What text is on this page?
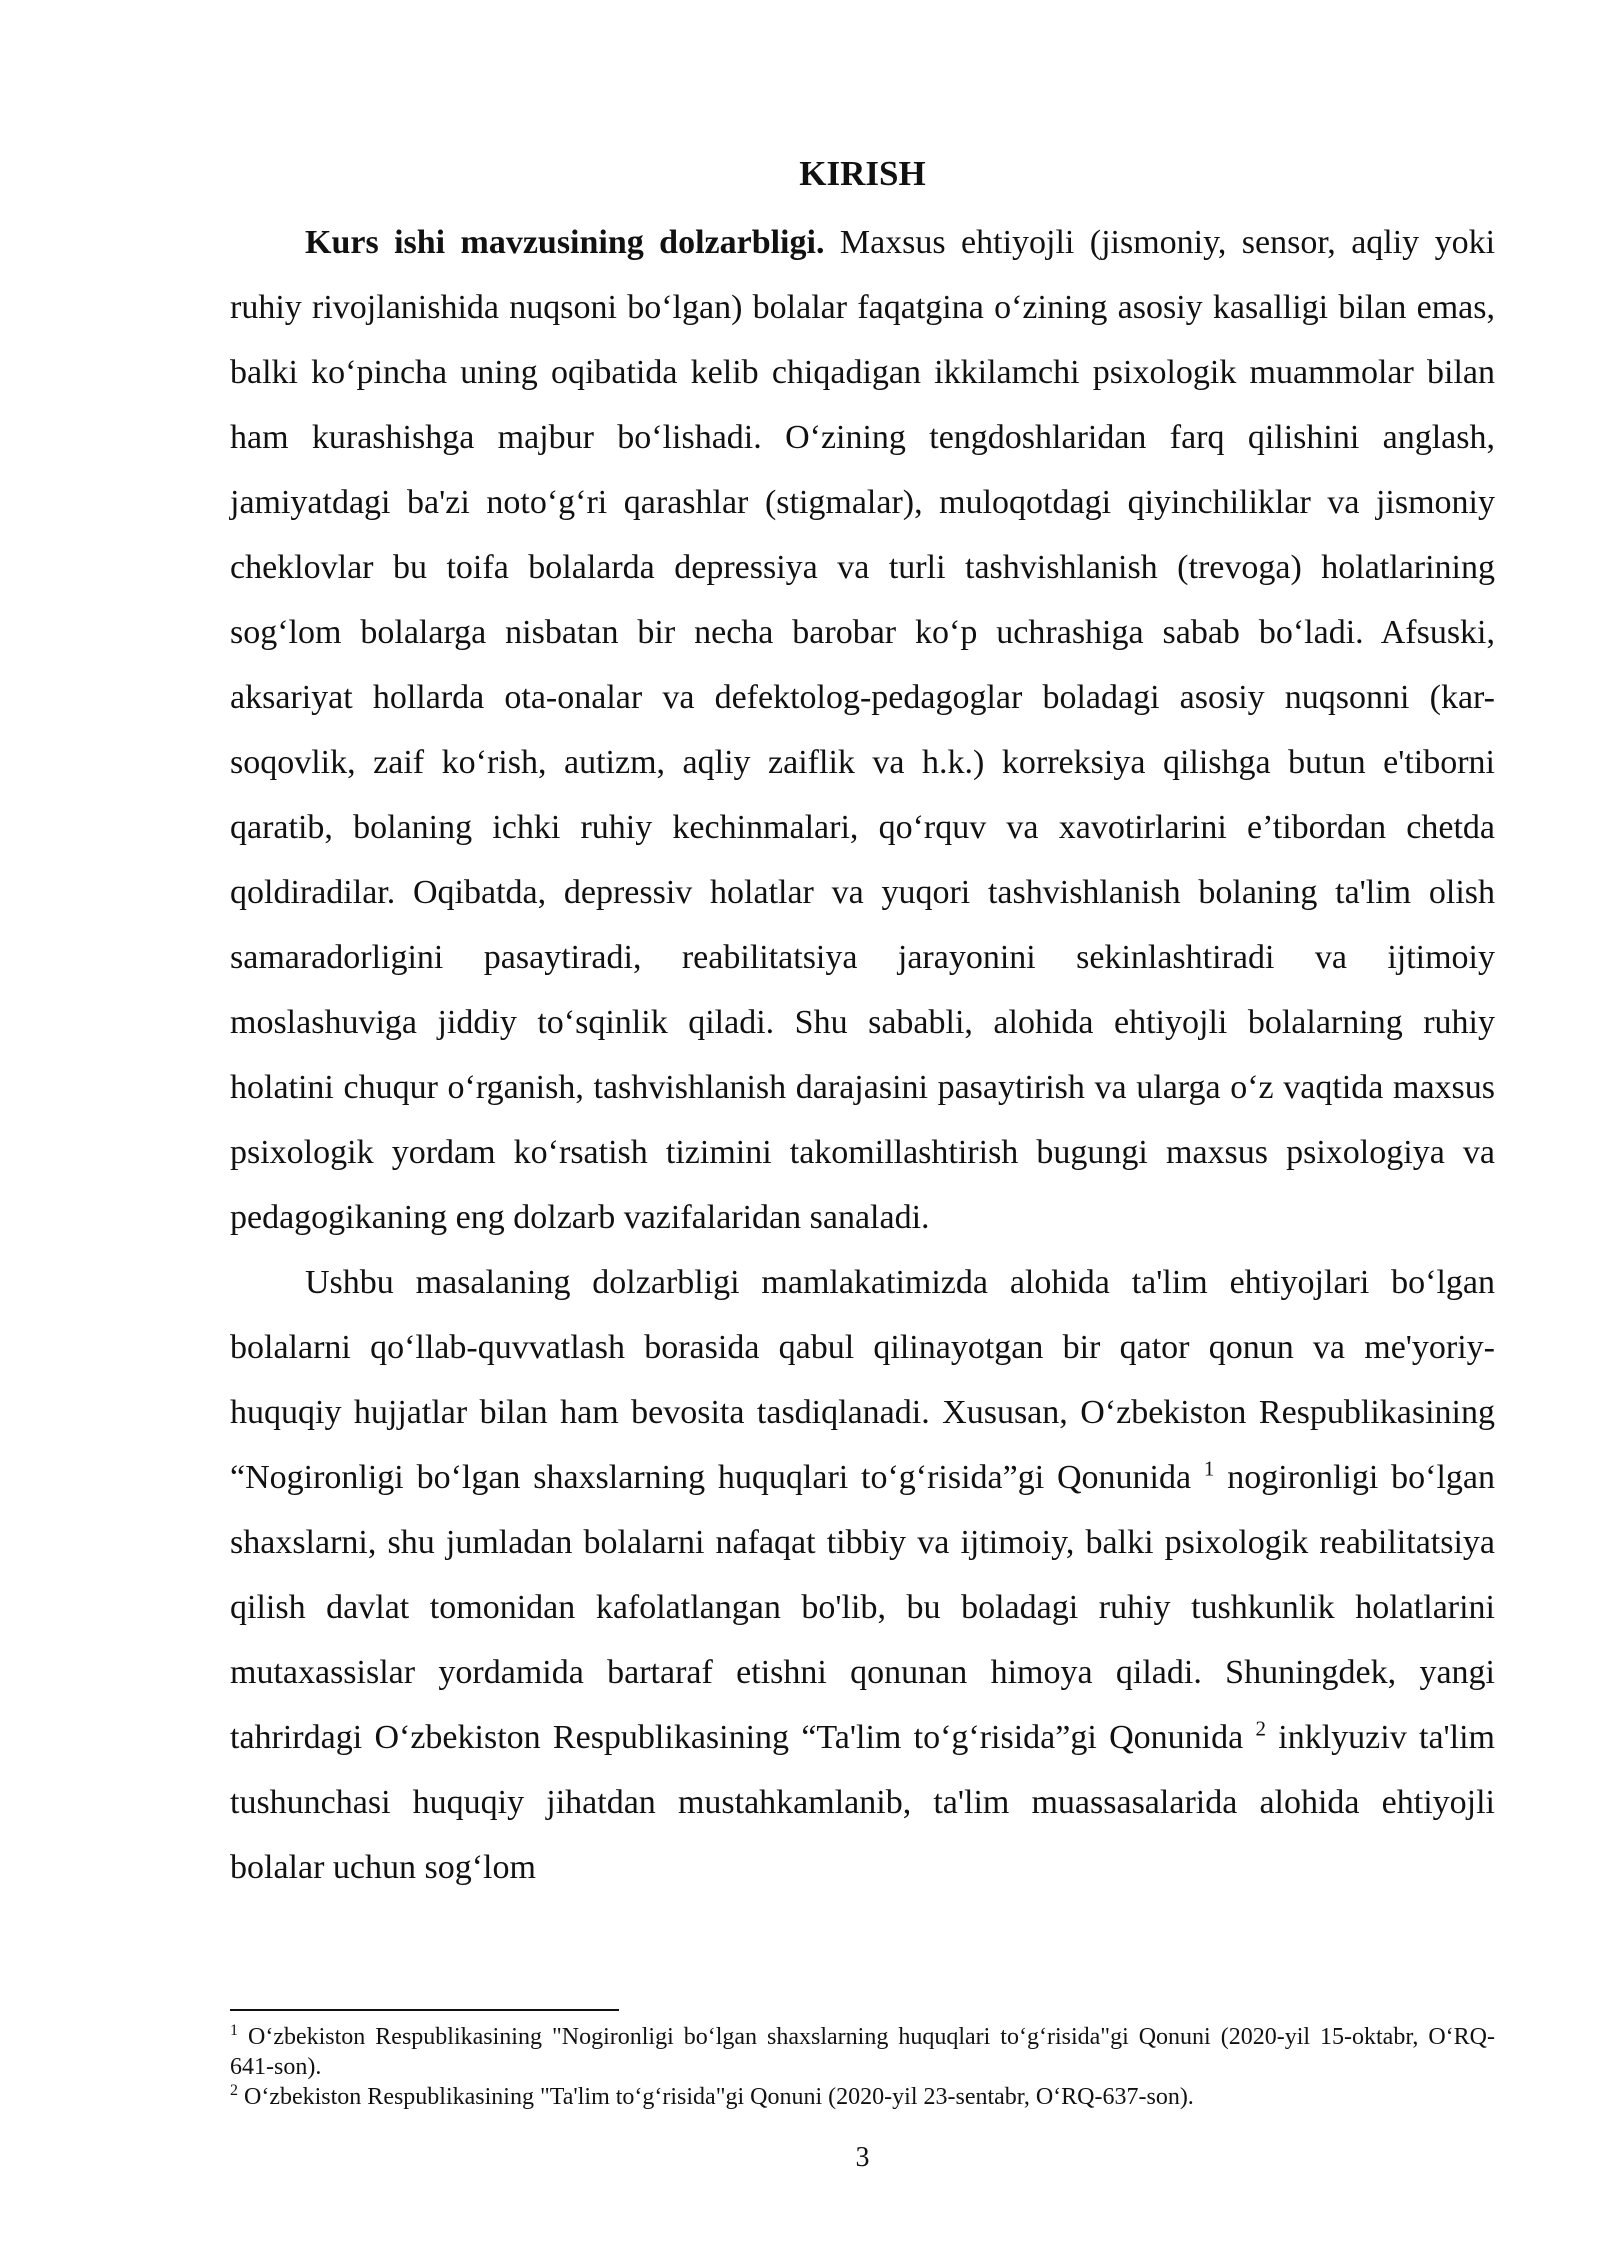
KIRISH

Kurs ishi mavzusining dolzarbligi. Maxsus ehtiyojli (jismoniy, sensor, aqliy yoki ruhiy rivojlanishida nuqsoni bo‘lgan) bolalar faqatgina o‘zining asosiy kasalligi bilan emas, balki ko‘pincha uning oqibatida kelib chiqadigan ikkilamchi psixologik muammolar bilan ham kurashishga majbur bo‘lishadi. O‘zining tengdoshlaridan farq qilishini anglash, jamiyatdagi ba'zi noto‘g‘ri qarashlar (stigmalar), muloqotdagi qiyinchiliklar va jismoniy cheklovlar bu toifa bolalarda depressiya va turli tashvishlanish (trevoga) holatlarining sog‘lom bolalarga nisbatan bir necha barobar ko‘p uchrashiga sabab bo‘ladi. Afsuski, aksariyat hollarda ota-onalar va defektolog-pedagoglar boladagi asosiy nuqsonni (kar-soqovlik, zaif ko‘rish, autizm, aqliy zaiflik va h.k.) korreksiya qilishga butun e'tiborni qaratib, bolaning ichki ruhiy kechinmalari, qo‘rquv va xavotirlarini e’tibordan chetda qoldiradilar. Oqibatda, depressiv holatlar va yuqori tashvishlanish bolaning ta'lim olish samaradorligini pasaytiradi, reabilitatsiya jarayonini sekinlashtiradi va ijtimoiy moslashuviga jiddiy to‘sqinlik qiladi. Shu sababli, alohida ehtiyojli bolalarning ruhiy holatini chuqur o‘rganish, tashvishlanish darajasini pasaytirish va ularga o‘z vaqtida maxsus psixologik yordam ko‘rsatish tizimini takomillashtirish bugungi maxsus psixologiya va pedagogikaning eng dolzarb vazifalaridan sanaladi.

Ushbu masalaning dolzarbligi mamlakatimizda alohida ta'lim ehtiyojlari bo‘lgan bolalarni qo‘llab-quvvatlash borasida qabul qilinayotgan bir qator qonun va me'yoriy-huquqiy hujjatlar bilan ham bevosita tasdiqlanadi. Xususan, O‘zbekiston Respublikasining “Nogironligi bo‘lgan shaxslarning huquqlari to‘g‘risida”gi Qonunida $^1$ nogironligi bo‘lgan shaxslarni, shu jumladan bolalarni nafaqat tibbiy va ijtimoiy, balki psixologik reabilitatsiya qilish davlat tomonidan kafolatlangan bo'lib, bu boladagi ruhiy tushkunlik holatlarini mutaxassislar yordamida bartaraf etishni qonunan himoya qiladi. Shuningdek, yangi tahrirdagi O‘zbekiston Respublikasining “Ta'lim to‘g‘risida”gi Qonunida $^2$ inklyuziv ta'lim tushunchasi huquqiy jihatdan mustahkamlanib, ta'lim muassasalarida alohida ehtiyojli bolalar uchun sog‘lom

$^1$ O‘zbekiston Respublikasining "Nogironligi bo‘lgan shaxslarning huquqlari to‘g‘risida"gi Qonuni (2020-yil 15-oktabr, O‘RQ-641-son).

$^2$ O‘zbekiston Respublikasining "Ta'lim to‘g‘risida"gi Qonuni (2020-yil 23-sentabr, O‘RQ-637-son).

3
